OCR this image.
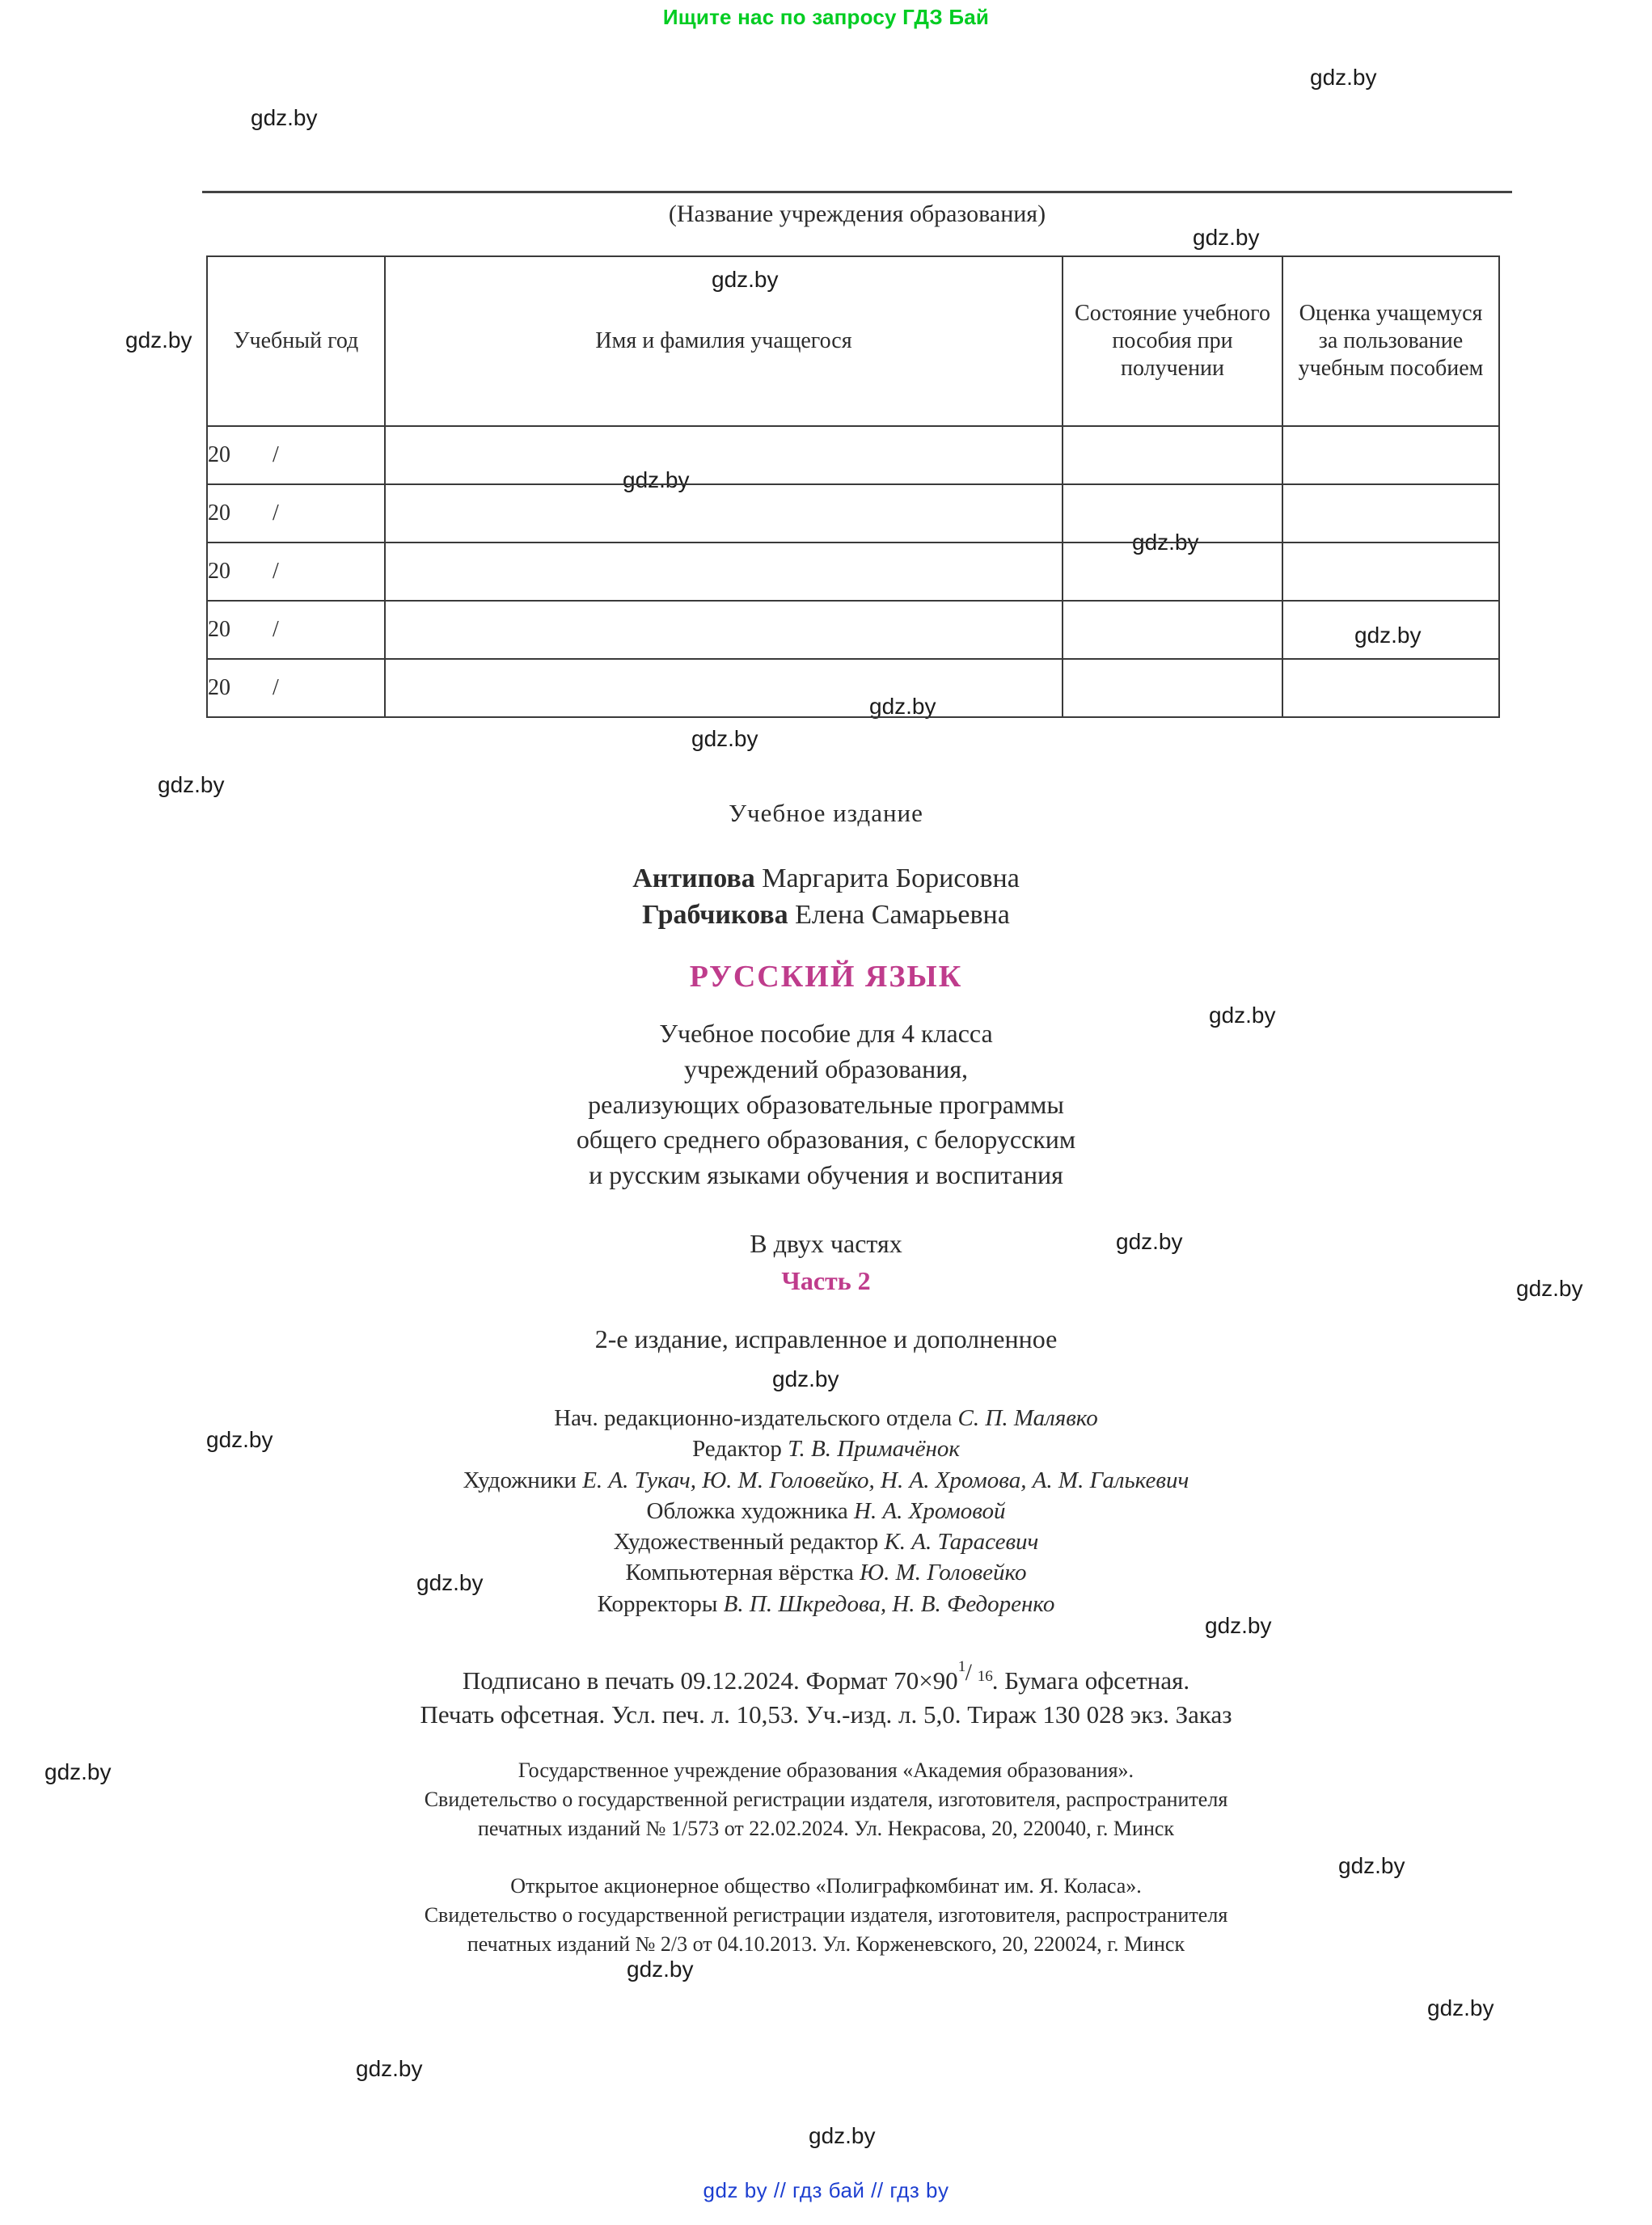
Ищите нас по запросу ГДЗ Бай
gdz.by
gdz.by
gdz.by
gdz.by
gdz.by
gdz.by
gdz.by
gdz.by
gdz.by
gdz.by
gdz.by
gdz.by
gdz.by
gdz.by
gdz.by
gdz.by
gdz.by
gdz.by
gdz.by
gdz.by
gdz.by
gdz.by
gdz.by
gdz.by
(Название учреждения образования)
Учебный год	Имя и фамилия учащегося	Состояние учебного пособия при получении	Оценка учащемуся за пользование учебным пособием
20 /			
20 /			
20 /			
20 /			
20 /			
Учебное издание
Антипова Маргарита Борисовна
Грабчикова Елена Самарьевна
РУССКИЙ ЯЗЫК
Учебное пособие для 4 класса
учреждений образования,
реализующих образовательные программы
общего среднего образования, с белорусским
и русским языками обучения и воспитания
В двух частях
Часть 2
2-е издание, исправленное и дополненное
Нач. редакционно-издательского отдела С. П. Малявко
Редактор Т. В. Примачёнок
Художники Е. А. Тукач, Ю. М. Головейко, Н. А. Хромова, А. М. Галькевич
Обложка художника Н. А. Хромовой
Художественный редактор К. А. Тарасевич
Компьютерная вёрстка Ю. М. Головейко
Корректоры В. П. Шкредова, Н. В. Федоренко
Подписано в печать 09.12.2024. Формат 70×90 1 / 16
. Бумага офсетная.
Печать офсетная. Усл. печ. л. 10,53. Уч.-изд. л. 5,0. Тираж 130 028 экз. Заказ
Государственное учреждение образования «Академия образования».
Свидетельство о государственной регистрации издателя, изготовителя, распространителя
печатных изданий № 1/573 от 22.02.2024. Ул. Некрасова, 20, 220040, г. Минск
Открытое акционерное общество «Полиграфкомбинат им. Я. Коласа».
Свидетельство о государственной регистрации издателя, изготовителя, распространителя
печатных изданий № 2/3 от 04.10.2013. Ул. Корженевского, 20, 220024, г. Минск
gdz by // гдз бай // гдз by
